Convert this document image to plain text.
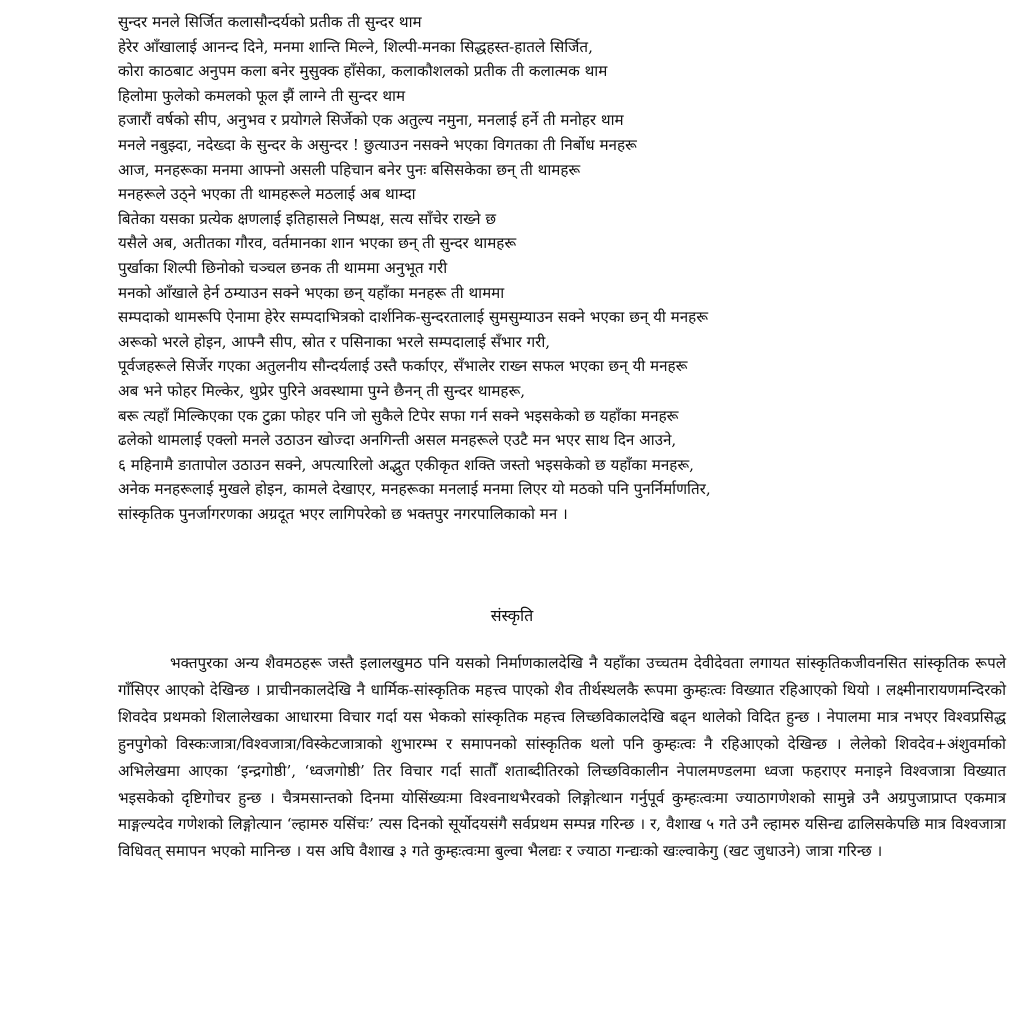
सुन्दर मनले सिर्जित कलासौन्दर्यको प्रतीक ती सुन्दर थाम
हेरेर आँखालाई आनन्द दिने, मनमा शान्ति मिल्ने, शिल्पी-मनका सिद्धहस्त-हातले सिर्जित,
कोरा काठबाट अनुपम कला बनेर मुसुक्क हाँसेका, कलाकौशलको प्रतीक ती कलात्मक थाम
हिलोमा फुलेको कमलको फूल झैं लाग्ने ती सुन्दर थाम
हजारौं वर्षको सीप, अनुभव र प्रयोगले सिर्जेको एक अतुल्य नमुना, मनलाई हर्ने ती मनोहर थाम
मनले नबुझ्दा, नदेख्दा के सुन्दर के असुन्दर ! छुत्याउन नसक्ने भएका विगतका ती निर्बोध मनहरू
आज, मनहरूका मनमा आफ्नो असली पहिचान बनेर पुनः बसिसकेका छन् ती थामहरू
मनहरूले उठ्ने भएका ती थामहरूले मठलाई अब थाम्दा
बितेका यसका प्रत्येक क्षणलाई इतिहासले निष्पक्ष, सत्य साँचेर राख्ने छ
यसैले अब, अतीतका गौरव, वर्तमानका शान भएका छन् ती सुन्दर थामहरू
पुर्खाका शिल्पी छिनोको चञ्चल छनक ती थाममा अनुभूत गरी
मनको आँखाले हेर्न ठम्याउन सक्ने भएका छन् यहाँका मनहरू ती थाममा
सम्पदाको थामरूपि ऐनामा हेरेर सम्पदाभित्रको दार्शनिक-सुन्दरतालाई सुमसुम्याउन सक्ने भएका छन् यी मनहरू
अरूको भरले होइन, आफ्नै सीप, स्रोत र पसिनाका भरले सम्पदालाई सँभार गरी,
पूर्वजहरूले सिर्जेर गएका अतुलनीय सौन्दर्यलाई उस्तै फर्काएर, सँभालेर राख्न सफल भएका छन् यी मनहरू
अब भने फोहर मिल्केर, थुप्रेर पुरिने अवस्थामा पुग्ने छैनन् ती सुन्दर थामहरू,
बरू त्यहाँ मिल्किएका एक टुक्रा फोहर पनि जो सुकैले टिपेर सफा गर्न सक्ने भइसकेको छ यहाँका मनहरू
ढलेको थामलाई एक्लो मनले उठाउन खोज्दा अनगिन्ती असल मनहरूले एउटै मन भएर साथ दिन आउने,
६ महिनामै ङातापोल उठाउन सक्ने, अपत्यारिलो अद्भुत एकीकृत शक्ति जस्तो भइसकेको छ यहाँका मनहरू,
अनेक मनहरूलाई मुखले होइन, कामले देखाएर, मनहरूका मनलाई मनमा लिएर यो मठको पनि पुनर्निर्माणतिर,
सांस्कृतिक पुनर्जागरणका अग्रदूत भएर लागिपरेको छ भक्तपुर नगरपालिकाको मन ।
संस्कृति

भक्तपुरका अन्य शैवमठहरू जस्तै इलालखुमठ पनि यसको निर्माणकालदेखि नै यहाँका उच्चतम देवीदेवता लगायत सांस्कृतिकजीवनसित सांस्कृतिक रूपले गाँसिएर आएको देखिन्छ । प्राचीनकालदेखि नै धार्मिक-सांस्कृतिक महत्त्व पाएको शैव तीर्थस्थलकै रूपमा कुम्हःत्वः विख्यात रहिआएको थियो । लक्ष्मीनारायणमन्दिरको शिवदेव प्रथमको शिलालेखका आधारमा विचार गर्दा यस भेकको सांस्कृतिक महत्त्व लिच्छविकालदेखि बढ्न थालेको विदित हुन्छ । नेपालमा मात्र नभएर विश्वप्रसिद्ध हुनपुगेको विस्कःजात्रा/विश्वजात्रा/विस्केटजात्राको शुभारम्भ र समापनको सांस्कृतिक थलो पनि कुम्हःत्वः नै रहिआएको देखिन्छ । लेलेको शिवदेव+अंशुवर्माको अभिलेखमा आएका ‘इन्द्रगोष्ठी’, ‘ध्वजगोष्ठी’ तिर विचार गर्दा सातौँ शताब्दीतिरको लिच्छविकालीन नेपालमण्डलमा ध्वजा फहराएर मनाइने विश्वजात्रा विख्यात भइसकेको दृष्टिगोचर हुन्छ । चैत्रमसान्तको दिनमा योसिंख्यःमा विश्वनाथभैरवको लिङ्गोत्थान गर्नुपूर्व कुम्हःत्वःमा ज्याठागणेशको सामुन्ने उनै अग्रपुजाप्राप्त एकमात्र माङ्गल्यदेव गणेशको लिङ्गोत्यान ‘ल्हामरु यसिंचः’ त्यस दिनको सूर्योदयसंगै सर्वप्रथम सम्पन्न गरिन्छ । र, वैशाख ५ गते उनै ल्हामरु यसिन्द्य ढालिसकेपछि मात्र विश्वजात्रा विधिवत् समापन भएको मानिन्छ । यस अघि वैशाख ३ गते कुम्हःत्वःमा बुल्वा भैलद्यः र ज्याठा गन्द्यःको खःल्वाकेगु (खट जुधाउने) जात्रा गरिन्छ ।
